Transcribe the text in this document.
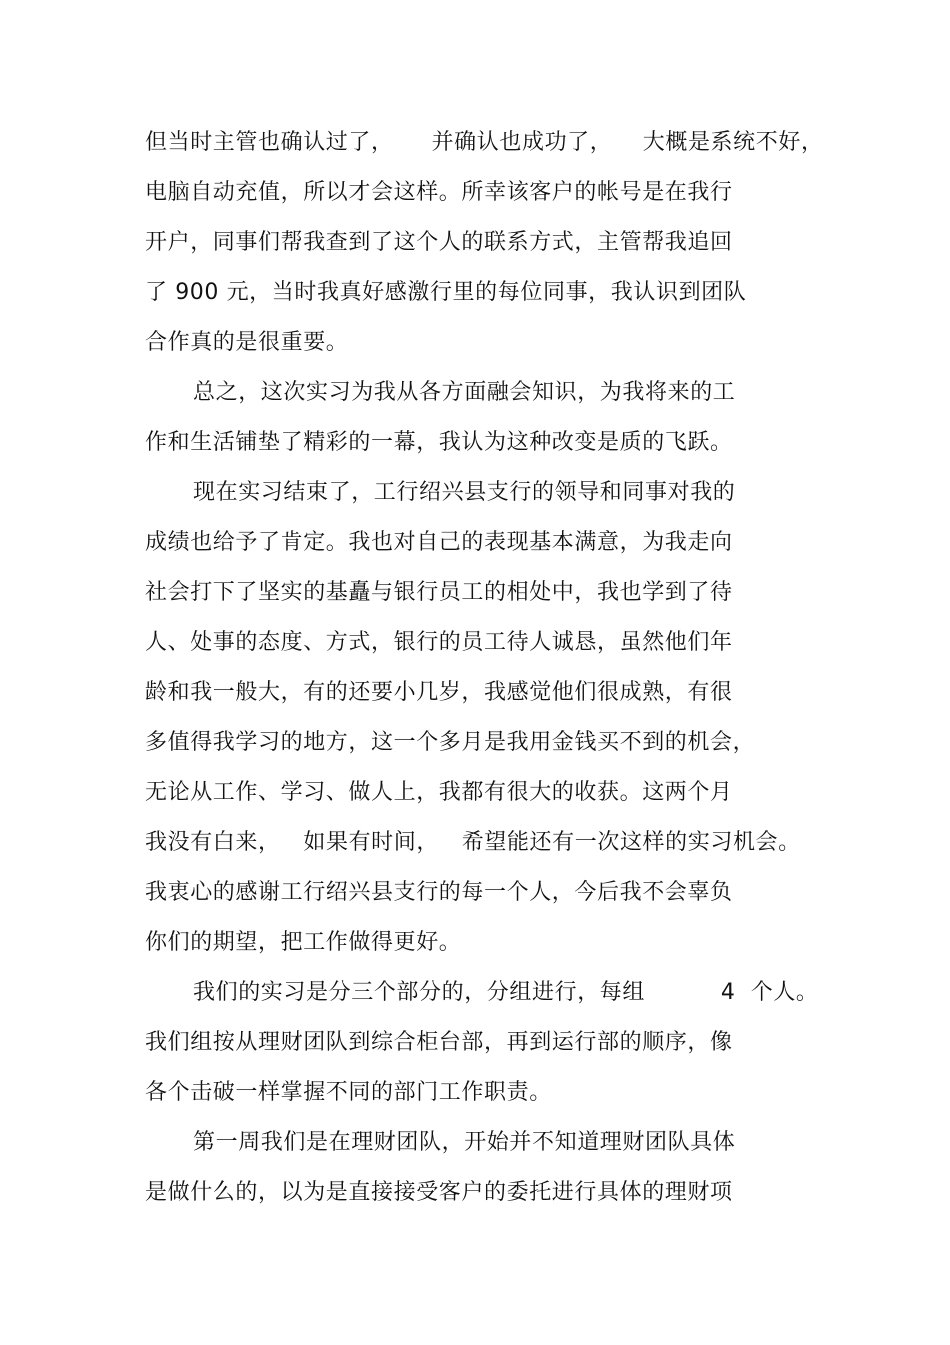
但当时主管也确认过了，     并确认也成功了，    大概是系统不好，
电脑自动充值，所以才会这样。所幸该客户的帐号是在我行
开户，同事们帮我查到了这个人的联系方式，主管帮我追回
了 900 元，当时我真好感激行里的每位同事，我认识到团队
合作真的是很重要。
总之，这次实习为我从各方面融会知识，为我将来的工
作和生活铺垫了精彩的一幕，我认为这种改变是质的飞跃。
现在实习结束了，工行绍兴县支行的领导和同事对我的
成绩也给予了肯定。我也对自己的表现基本满意，为我走向
社会打下了坚实的基矗与银行员工的相处中，我也学到了待
人、处事的态度、方式，银行的员工待人诚恳，虽然他们年
龄和我一般大，有的还要小几岁，我感觉他们很成熟，有很
多值得我学习的地方，这一个多月是我用金钱买不到的机会，
无论从工作、学习、做人上，我都有很大的收获。这两个月
我没有白来，   如果有时间，   希望能还有一次这样的实习机会。
我衷心的感谢工行绍兴县支行的每一个人，今后我不会辜负
你们的期望，把工作做得更好。
我们的实习是分三个部分的，分组进行，每组          4  个人。
我们组按从理财团队到综合柜台部，再到运行部的顺序，像
各个击破一样掌握不同的部门工作职责。
第一周我们是在理财团队，开始并不知道理财团队具体
是做什么的，以为是直接接受客户的委托进行具体的理财项
